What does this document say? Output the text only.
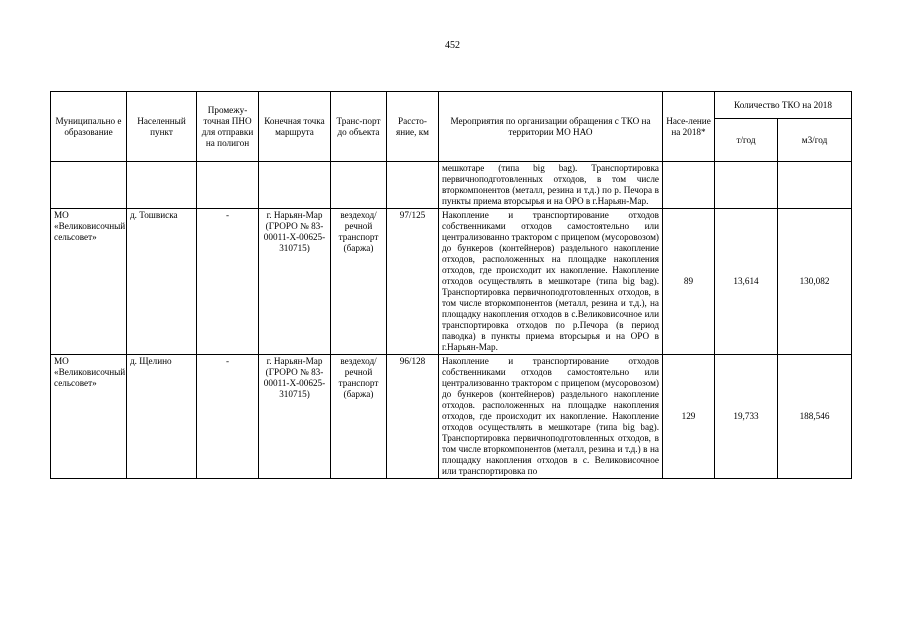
452
Муниципально е образование	Населенный пункт	Промежу-точная ПНО для отправки на полигон	Конечная точка маршрута	Транс-порт до объекта	Рассто-яние, км	Мероприятия по организации обращения с ТКО на территории МО НАО	Насе-ление на 2018*	Количество ТКО на 2018	
								т/год	м3/год
						мешкотаре (типа big bag). Транспортировка первичноподготовленных отходов, в том числе вторкомпонентов (металл, резина и т.д.) по р. Печора в пункты приема вторсырья и на ОРО в г.Нарьян-Мар.			
МО «Великовисочный сельсовет»	д. Тошвиска	-	г. Нарьян-Мар (ГРОРО № 83-00011-Х-00625-310715)	вездеход/ речной транспорт (баржа)	97/125	Накопление и транспортирование отходов собственниками отходов самостоятельно или централизованно трактором с прицепом (мусоровозом) до бункеров (контейнеров) раздельного накопление отходов, расположенных на площадке накопления отходов, где происходит их накопление. Накопление отходов осуществлять в мешкотаре (типа big bag). Транспортировка первичноподготовленных отходов, в том числе вторкомпонентов (металл, резина и т.д.), на площадку накопления отходов в с.Великовисочное или транспортировка отходов по р.Печора (в период паводка) в пункты приема вторсырья и на ОРО в г.Нарьян-Мар.	89	13,614	130,082
МО «Великовисочный сельсовет»	д. Щелино	-	г. Нарьян-Мар (ГРОРО № 83-00011-Х-00625-310715)	вездеход/ речной транспорт (баржа)	96/128	Накопление и транспортирование отходов собственниками отходов самостоятельно или централизованно трактором с прицепом (мусоровозом) до бункеров (контейнеров) раздельного накопление отходов. расположенных на площадке накопления отходов, где происходит их накопление. Накопление отходов осуществлять в мешкотаре (типа big bag). Транспортировка первичноподготовленных отходов, в том числе вторкомпонентов (металл, резина и т.д.) в на площадку накопления отходов в с. Великовисочное или транспортировка по	129	19,733	188,546
